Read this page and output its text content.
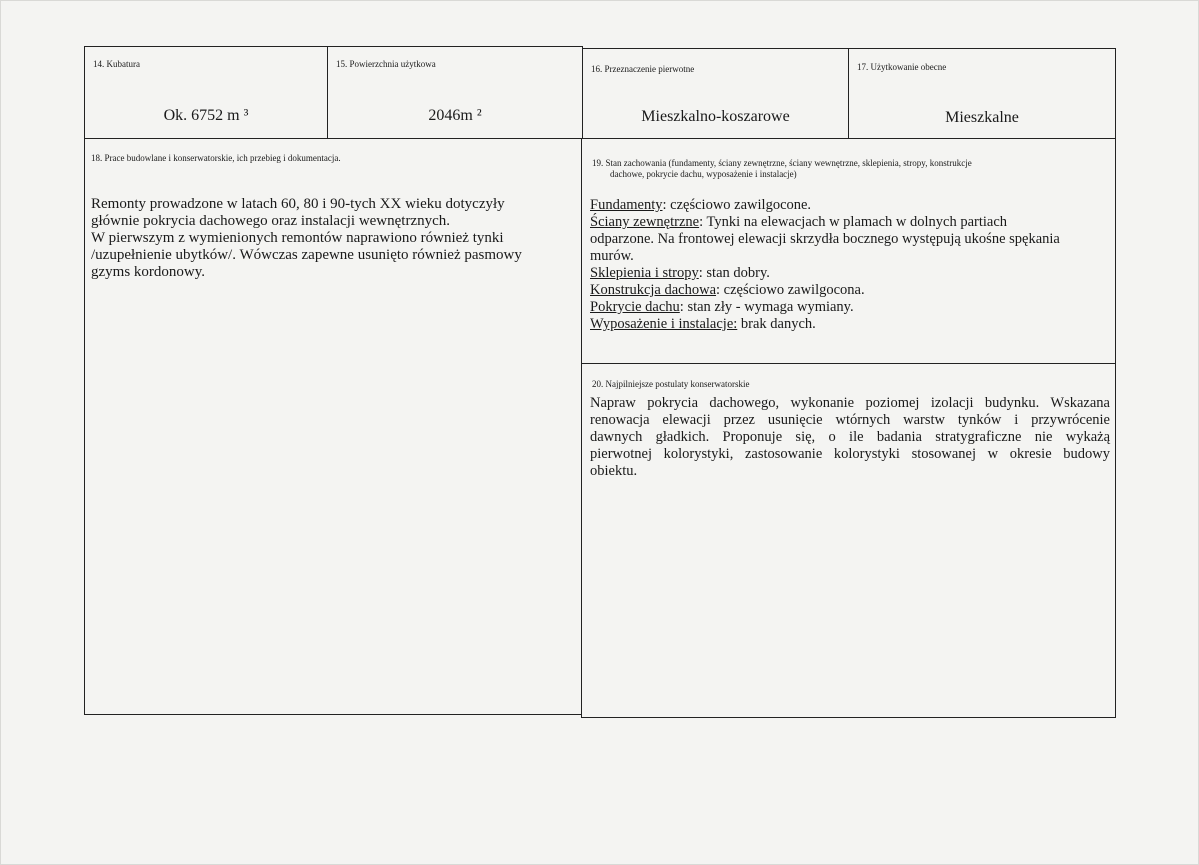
14. Kubatura
Ok. 6752 m ³
15. Powierzchnia użytkowa
2046m ²
16. Przeznaczenie pierwotne
Mieszkalno-koszarowe
17. Użytkowanie obecne
Mieszkalne
18. Prace budowlane i konserwatorskie, ich przebieg i dokumentacja.

Remonty prowadzone w latach 60, 80 i 90-tych XX wieku dotyczyły

głównie pokrycia dachowego oraz instalacji wewnętrznych.

W pierwszym z wymienionych remontów naprawiono również tynki

/uzupełnienie ubytków/. Wówczas zapewne usunięto również pasmowy

gzyms kordonowy.

19. Stan zachowania (fundamenty, ściany zewnętrzne, ściany wewnętrzne, sklepienia, stropy, konstrukcje
dachowe, pokrycie dachu, wyposażenie i instalacje)

Fundamenty: częściowo zawilgocone.

Ściany zewnętrzne: Tynki na elewacjach w plamach w dolnych partiach

odparzone. Na frontowej elewacji skrzydła bocznego występują ukośne spękania

murów.

Sklepienia i stropy: stan dobry.

Konstrukcja dachowa: częściowo zawilgocona.

Pokrycie dachu: stan zły - wymaga wymiany.

Wyposażenie i instalacje: brak danych.

20. Najpilniejsze postulaty konserwatorskie

Napraw pokrycia dachowego, wykonanie poziomej izolacji budynku. Wskazana

renowacja elewacji przez usunięcie wtórnych warstw tynków i przywrócenie

dawnych gładkich. Proponuje się, o ile badania stratygraficzne nie wykażą

pierwotnej kolorystyki, zastosowanie kolorystyki stosowanej w okresie budowy

obiektu.
